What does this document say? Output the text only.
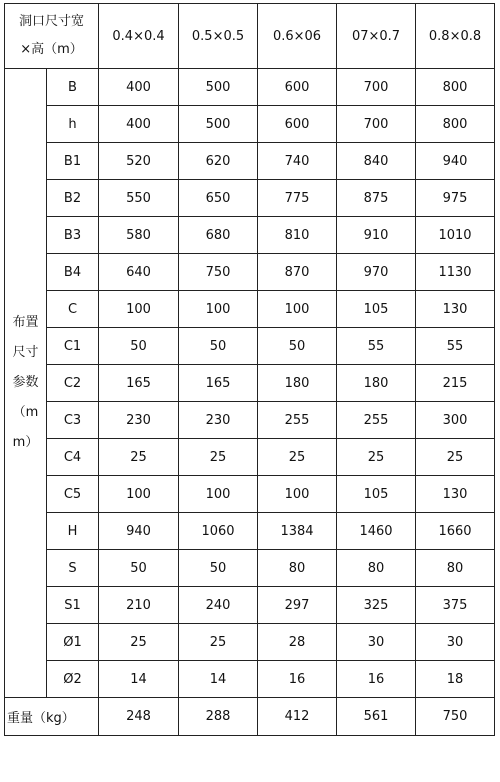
洞口尺寸宽
×高（m）		0.4×0.4	0.5×0.5	0.6×06	07×0.7	0.8×0.8
布置
尺寸
参数
（m
m）	B	400	500	600	700	800
	h	400	500	600	700	800
	B1	520	620	740	840	940
	B2	550	650	775	875	975
	B3	580	680	810	910	1010
	B4	640	750	870	970	1130
	C	100	100	100	105	130
	C1	50	50	50	55	55
	C2	165	165	180	180	215
	C3	230	230	255	255	300
	C4	25	25	25	25	25
	C5	100	100	100	105	130
	H	940	1060	1384	1460	1660
	S	50	50	80	80	80
	S1	210	240	297	325	375
	Ø1	25	25	28	30	30
	Ø2	14	14	16	16	18
重量（kg）		248	288	412	561	750
